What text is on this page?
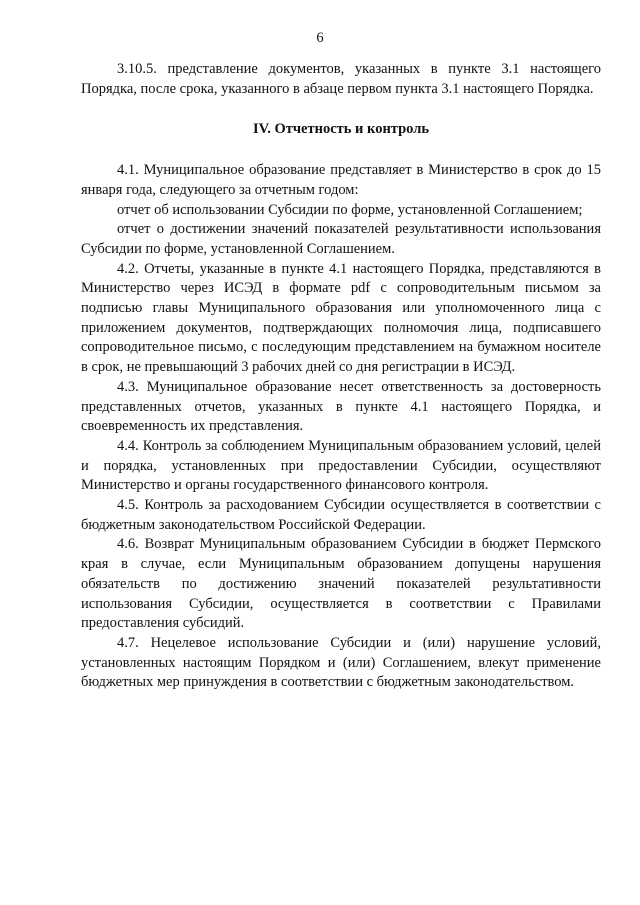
6

3.10.5. представление документов, указанных в пункте 3.1 настоящего Порядка, после срока, указанного в абзаце первом пункта 3.1 настоящего Порядка.

IV. Отчетность и контроль

4.1. Муниципальное образование представляет в Министерство в срок до 15 января года, следующего за отчетным годом:

отчет об использовании Субсидии по форме, установленной Соглашением;

отчет о достижении значений показателей результативности использования Субсидии по форме, установленной Соглашением.

4.2. Отчеты, указанные в пункте 4.1 настоящего Порядка, представляются в Министерство через ИСЭД в формате pdf с сопроводительным письмом за подписью главы Муниципального образования или уполномоченного лица с приложением документов, подтверждающих полномочия лица, подписавшего сопроводительное письмо, с последующим представлением на бумажном носителе в срок, не превышающий 3 рабочих дней со дня регистрации в ИСЭД.

4.3. Муниципальное образование несет ответственность за достоверность представленных отчетов, указанных в пункте 4.1 настоящего Порядка, и своевременность их представления.

4.4. Контроль за соблюдением Муниципальным образованием условий, целей и порядка, установленных при предоставлении Субсидии, осуществляют Министерство и органы государственного финансового контроля.

4.5. Контроль за расходованием Субсидии осуществляется в соответствии с бюджетным законодательством Российской Федерации.

4.6. Возврат Муниципальным образованием Субсидии в бюджет Пермского края в случае, если Муниципальным образованием допущены нарушения обязательств по достижению значений показателей результативности использования Субсидии, осуществляется в соответствии с Правилами предоставления субсидий.

4.7. Нецелевое использование Субсидии и (или) нарушение условий, установленных настоящим Порядком и (или) Соглашением, влекут применение бюджетных мер принуждения в соответствии с бюджетным законодательством.
